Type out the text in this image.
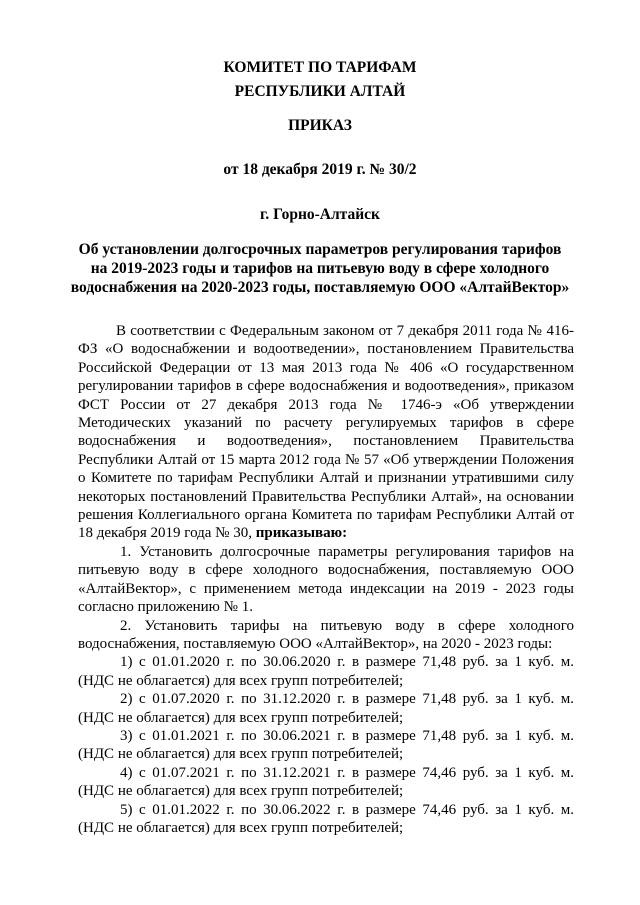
КОМИТЕТ ПО ТАРИФАМ
РЕСПУБЛИКИ АЛТАЙ
ПРИКАЗ
от 18 декабря 2019 г. № 30/2
г. Горно-Алтайск
Об установлении долгосрочных параметров регулирования тарифов
на 2019-2023 годы и тарифов на питьевую воду в сфере холодного
водоснабжения на 2020-2023 годы, поставляемую ООО «АлтайВектор»

В соответствии с Федеральным законом от 7 декабря 2011 года № 416-ФЗ «О водоснабжении и водоотведении», постановлением Правительства Российской Федерации от 13 мая 2013 года № 406 «О государственном регулировании тарифов в сфере водоснабжения и водоотведения», приказом ФСТ России от 27 декабря 2013 года № 1746-э «Об утверждении Методических указаний по расчету регулируемых тарифов в сфере водоснабжения и водоотведения», постановлением Правительства Республики Алтай от 15 марта 2012 года № 57 «Об утверждении Положения о Комитете по тарифам Республики Алтай и признании утратившими силу некоторых постановлений Правительства Республики Алтай», на основании решения Коллегиального органа Комитета по тарифам Республики Алтай от 18 декабря 2019 года № 30, приказываю:

1. Установить долгосрочные параметры регулирования тарифов на питьевую воду в сфере холодного водоснабжения, поставляемую ООО «АлтайВектор», с применением метода индексации на 2019 - 2023 годы согласно приложению № 1.

2. Установить тарифы на питьевую воду в сфере холодного водоснабжения, поставляемую ООО «АлтайВектор», на 2020 - 2023 годы:

1) с 01.01.2020 г. по 30.06.2020 г. в размере 71,48 руб. за 1 куб. м. (НДС не облагается) для всех групп потребителей;

2) с 01.07.2020 г. по 31.12.2020 г. в размере 71,48 руб. за 1 куб. м. (НДС не облагается) для всех групп потребителей;

3) с 01.01.2021 г. по 30.06.2021 г. в размере 71,48 руб. за 1 куб. м. (НДС не облагается) для всех групп потребителей;

4) с 01.07.2021 г. по 31.12.2021 г. в размере 74,46 руб. за 1 куб. м. (НДС не облагается) для всех групп потребителей;

5) с 01.01.2022 г. по 30.06.2022 г. в размере 74,46 руб. за 1 куб. м. (НДС не облагается) для всех групп потребителей;
